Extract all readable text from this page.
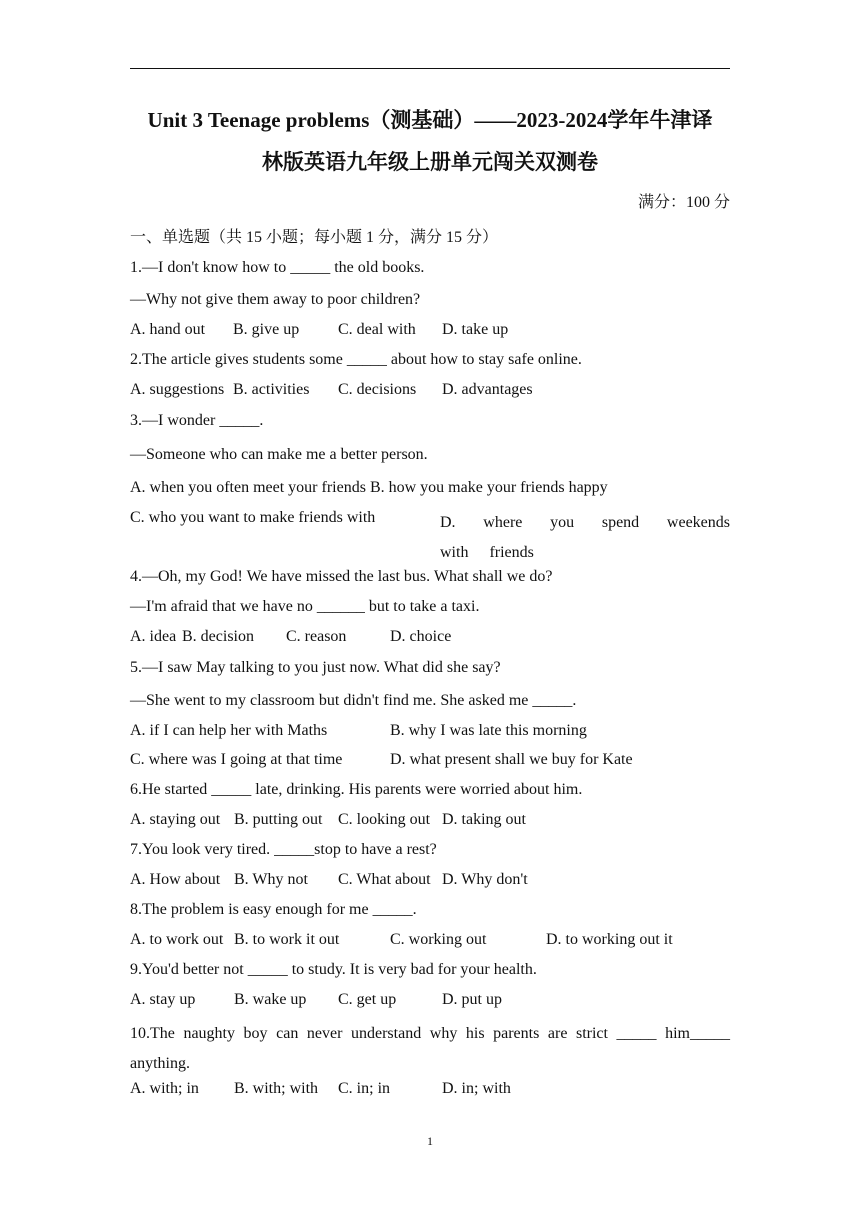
Unit 3 Teenage problems（测基础）——2023-2024学年牛津译
林版英语九年级上册单元闯关双测卷
满分：100 分
一、单选题（共 15 小题；每小题 1 分，满分 15 分）
1.—I don't know how to _____ the old books.
—Why not give them away to poor children?
A. hand out B. give up C. deal with D. take up
2.The article gives students some _____ about how to stay safe online.
A. suggestions B. activities C. decisions D. advantages
3.—I wonder _____.
—Someone who can make me a better person.
A. when you often meet your friends B. how you make your friends happy
C. who you want to make friends with	D. where you spend weekends with friends
4.—Oh, my God! We have missed the last bus. What shall we do?
—I'm afraid that we have no ______ but to take a taxi.
A. idea B. decision C. reason	D. choice
5.—I saw May talking to you just now. What did she say?
—She went to my classroom but didn't find me. She asked me _____.
A. if I can help her with Maths	B. why I was late this morning
C. where was I going at that time	D. what present shall we buy for Kate
6.He started _____ late, drinking. His parents were worried about him.
A. staying out B. putting out C. looking out D. taking out
7.You look very tired. _____stop to have a rest?
A. How about B. Why not C. What about D. Why don't
8.The problem is easy enough for me _____.
A. to work out B. to work it out	C. working out	D. to working out it
9.You'd better not _____ to study. It is very bad for your health.
A. stay up B. wake up C. get up	D. put up
10.The naughty boy can never understand why his parents are strict _____ him_____ anything.
A. with; in B. with; with C. in; in	D. in; with
1
